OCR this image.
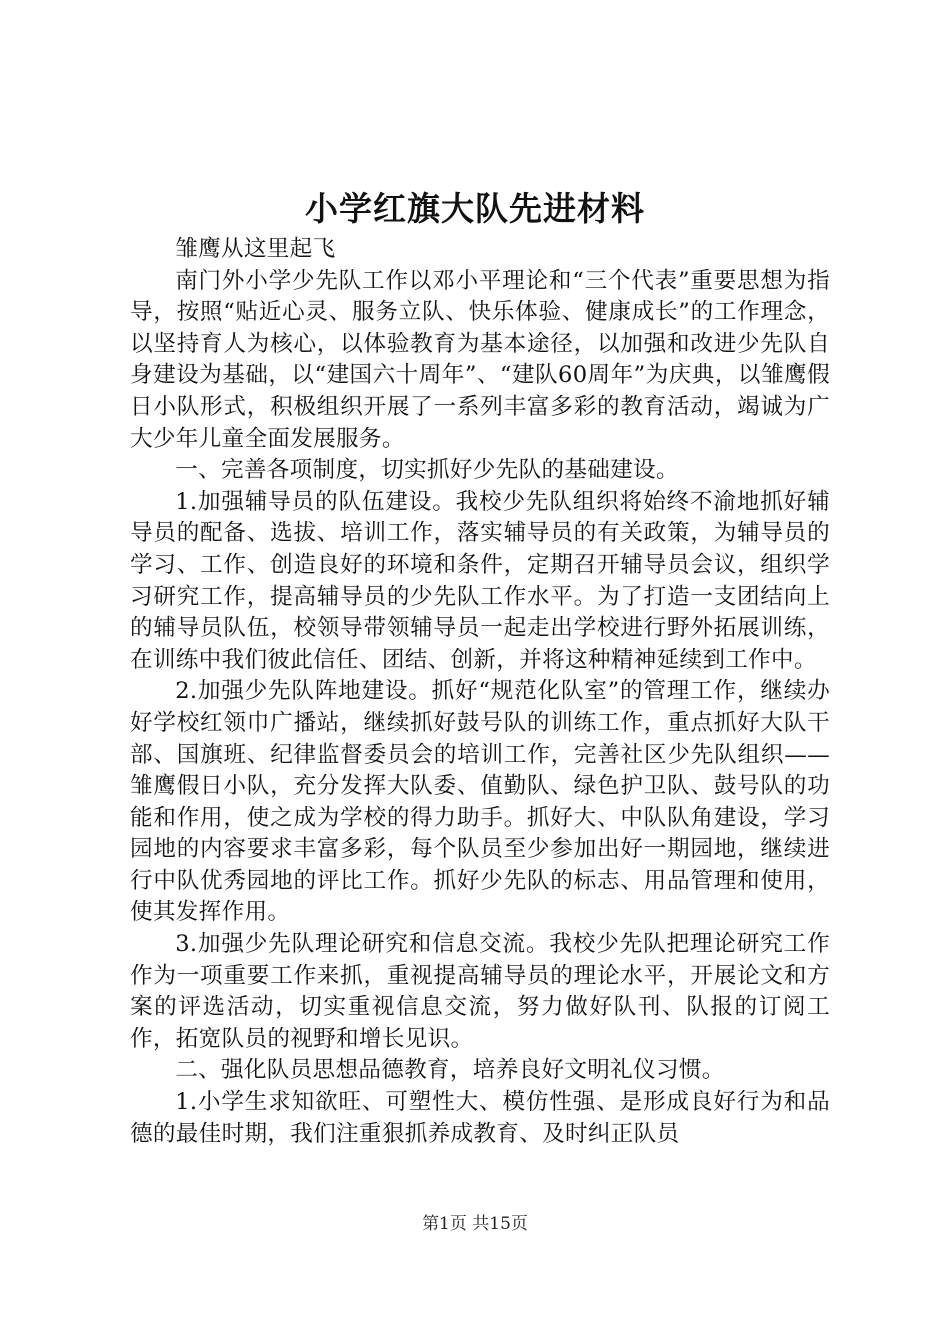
小学红旗大队先进材料

雏鹰从这里起飞

南门外小学少先队工作以邓小平理论和“三个代表”重要思想为指导，按照“贴近心灵、服务立队、快乐体验、健康成长”的工作理念，以坚持育人为核心，以体验教育为基本途径，以加强和改进少先队自身建设为基础，以“建国六十周年”、“建队60周年”为庆典，以雏鹰假日小队形式，积极组织开展了一系列丰富多彩的教育活动，竭诚为广大少年儿童全面发展服务。

一、完善各项制度，切实抓好少先队的基础建设。

1.加强辅导员的队伍建设。我校少先队组织将始终不渝地抓好辅导员的配备、选拔、培训工作，落实辅导员的有关政策，为辅导员的学习、工作、创造良好的环境和条件，定期召开辅导员会议，组织学习研究工作，提高辅导员的少先队工作水平。为了打造一支团结向上的辅导员队伍，校领导带领辅导员一起走出学校进行野外拓展训练，在训练中我们彼此信任、团结、创新，并将这种精神延续到工作中。

2.加强少先队阵地建设。抓好“规范化队室”的管理工作，继续办好学校红领巾广播站，继续抓好鼓号队的训练工作，重点抓好大队干部、国旗班、纪律监督委员会的培训工作，完善社区少先队组织——雏鹰假日小队，充分发挥大队委、值勤队、绿色护卫队、鼓号队的功能和作用，使之成为学校的得力助手。抓好大、中队队角建设，学习园地的内容要求丰富多彩，每个队员至少参加出好一期园地，继续进行中队优秀园地的评比工作。抓好少先队的标志、用品管理和使用，使其发挥作用。

3.加强少先队理论研究和信息交流。我校少先队把理论研究工作作为一项重要工作来抓，重视提高辅导员的理论水平，开展论文和方案的评选活动，切实重视信息交流，努力做好队刊、队报的订阅工作，拓宽队员的视野和增长见识。

二、强化队员思想品德教育，培养良好文明礼仪习惯。

1.小学生求知欲旺、可塑性大、模仿性强、是形成良好行为和品德的最佳时期，我们注重狠抓养成教育、及时纠正队员

第1页 共15页
